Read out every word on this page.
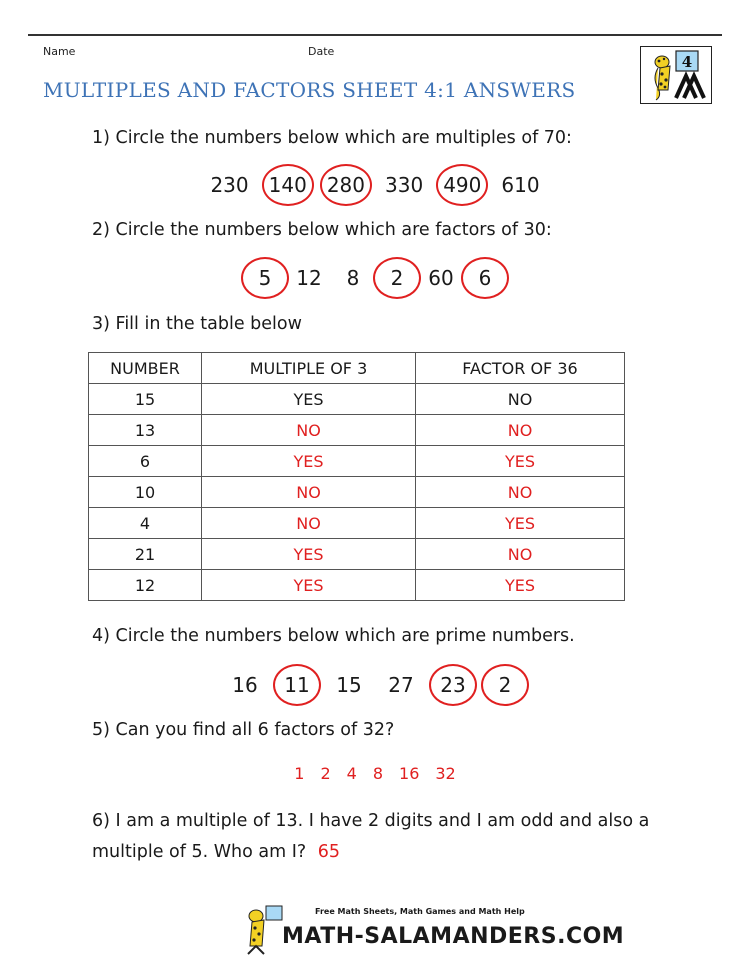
Name	Date
MULTIPLES AND FACTORS SHEET 4:1 ANSWERS
4
1) Circle the numbers below which are multiples of 70:
230 140 280 330 490 610
2) Circle the numbers below which are factors of 30:
5	12	8	2	60	6
3) Fill in the table below
NUMBER	MULTIPLE OF 3	FACTOR OF 36
15	YES	NO
13	NO	NO
6	YES	YES
10	NO	NO
4	NO	YES
21	YES	NO
12	YES	YES
4) Circle the numbers below which are prime numbers.
16 11 15 27 23	2
5) Can you find all 6 factors of 32?
1 2 4 8 16 32
6) I am a multiple of 13. I have 2 digits and I am odd and also a multiple of 5. Who am I? 65
Free Math Sheets, Math Games and Math Help
MATH-SALAMANDERS.COM
